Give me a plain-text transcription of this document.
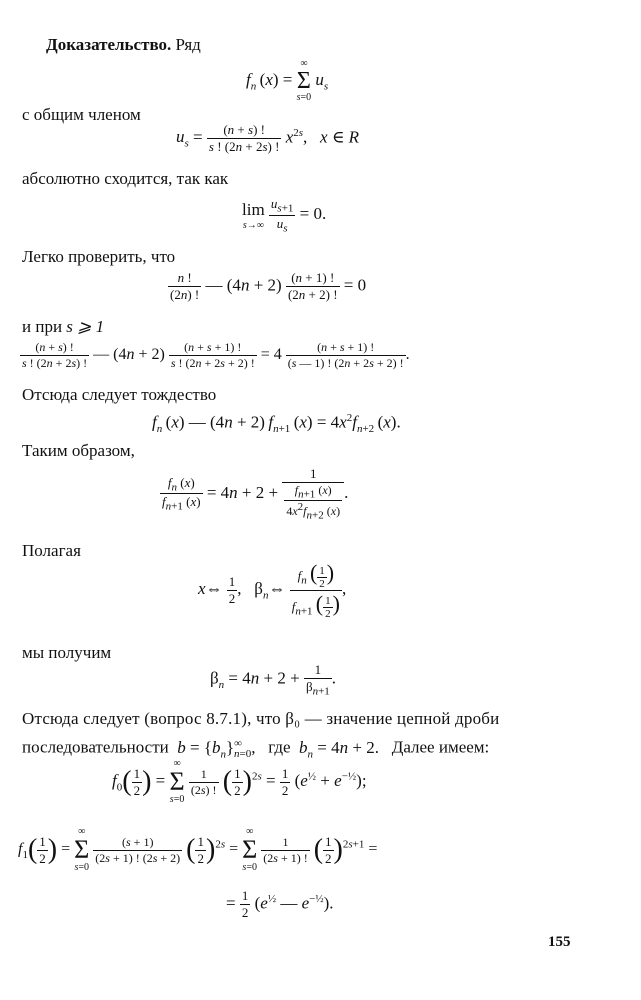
Доказательство. Ряд
$f_n$ (x) =
∞
Σ
s=0
$u_s$
с общим членом
$u_s = \frac{(n + s) !}{s ! (2n + 2s) !} x^{2s}$,   x ∈ R
абсолютно сходится, так как
lim
s→∞
$\frac{u_{s+1}}{u_s} = 0$.
Легко проверить, что
$\frac{n !}{(2n) !}$ — $(4n + 2) \frac{(n + 1) !}{(2n + 2) !} = 0$
и при s ⩾ 1
$\frac{(n + s) !}{s ! (2n + 2s) !}$ — $(4n + 2) \frac{(n + s + 1) !}{s ! (2n + 2s + 2) !} = 4 \frac{(n + s + 1) !}{(s — 1) ! (2n + 2s + 2) !}$ .
Отсюда следует тождество
$f_n$ (x) — (4n + 2) $f_{n+1}$ $(x) = 4x^2f_{n+2}$ (x).
Таким образом,
$\frac{f_n (x)}{f_{n+1} (x)} = 4n + 2 + \frac{1}{\frac{f_{n+1} (x)}{4x^2f_{n+2} (x)}}$ .
Полагая
x⇔ $\frac{1}{2}$ ,   $\beta_n\Leftrightarrow \frac{f_n ( \frac{1}{2} )}{f_{n+1} ( \frac{1}{2} )}$ ,
мы получим
$\beta_n = 4n + 2 + \frac{1}{\beta_{n+1}}$ .
Отсюда следует (вопрос 8.7.1), что β₀ — значение цепной дроби
последовательности $b = \{b_n\}^\infty_{n=0}$,   где $b_n = 4n + 2$.   Далее имеем:
$f_0( \frac{1}{2}$ ) =
∞
Σ
s=0

$\frac{1}{(2s) !}$ ( $\frac{1}{2} )^{2s} = \frac{1}{2} (e^{\frac{1}{2}} + e^{-\frac{1}{2}})$;
$f_1( \frac{1}{2}$ ) =
∞
Σ
s=0

$\frac{(s + 1)}{(2s + 1) ! (2s + 2)}$ ( $\frac{1}{2} )^{2s}$ =
∞
Σ
s=0

$\frac{1}{(2s + 1) !}$ ( $\frac{1}{2} )^{2s+1}$ =
= $\frac{1}{2} (e^{\frac{1}{2}}$ — $e^{-\frac{1}{2}}$).
155
